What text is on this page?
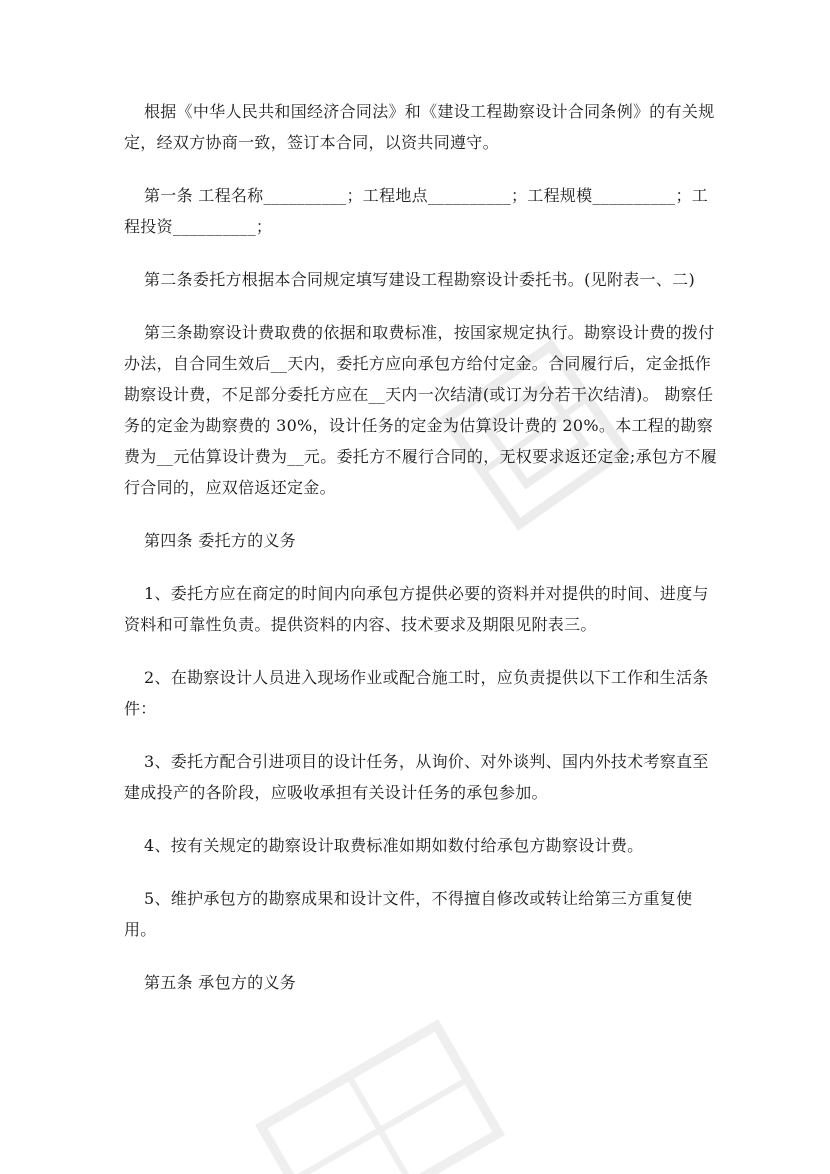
根据《中华人民共和国经济合同法》和《建设工程勘察设计合同条例》的有关规定，经双方协商一致，签订本合同，以资共同遵守。

第一条 工程名称__________；工程地点__________；工程规模__________；工程投资__________；

第二条委托方根据本合同规定填写建设工程勘察设计委托书。(见附表一、二)

第三条勘察设计费取费的依据和取费标准，按国家规定执行。勘察设计费的拨付办法，自合同生效后__天内，委托方应向承包方给付定金。合同履行后，定金抵作勘察设计费，不足部分委托方应在__天内一次结清(或订为分若干次结清)。 勘察任务的定金为勘察费的 30%，设计任务的定金为估算设计费的 20%。本工程的勘察费为__元估算设计费为__元。委托方不履行合同的，无权要求返还定金;承包方不履行合同的，应双倍返还定金。

第四条 委托方的义务

1、委托方应在商定的时间内向承包方提供必要的资料并对提供的时间、进度与资料和可靠性负责。提供资料的内容、技术要求及期限见附表三。

2、在勘察设计人员进入现场作业或配合施工时，应负责提供以下工作和生活条件：

3、委托方配合引进项目的设计任务，从询价、对外谈判、国内外技术考察直至建成投产的各阶段，应吸收承担有关设计任务的承包参加。

4、按有关规定的勘察设计取费标准如期如数付给承包方勘察设计费。

5、维护承包方的勘察成果和设计文件，不得擅自修改或转让给第三方重复使用。

第五条 承包方的义务
